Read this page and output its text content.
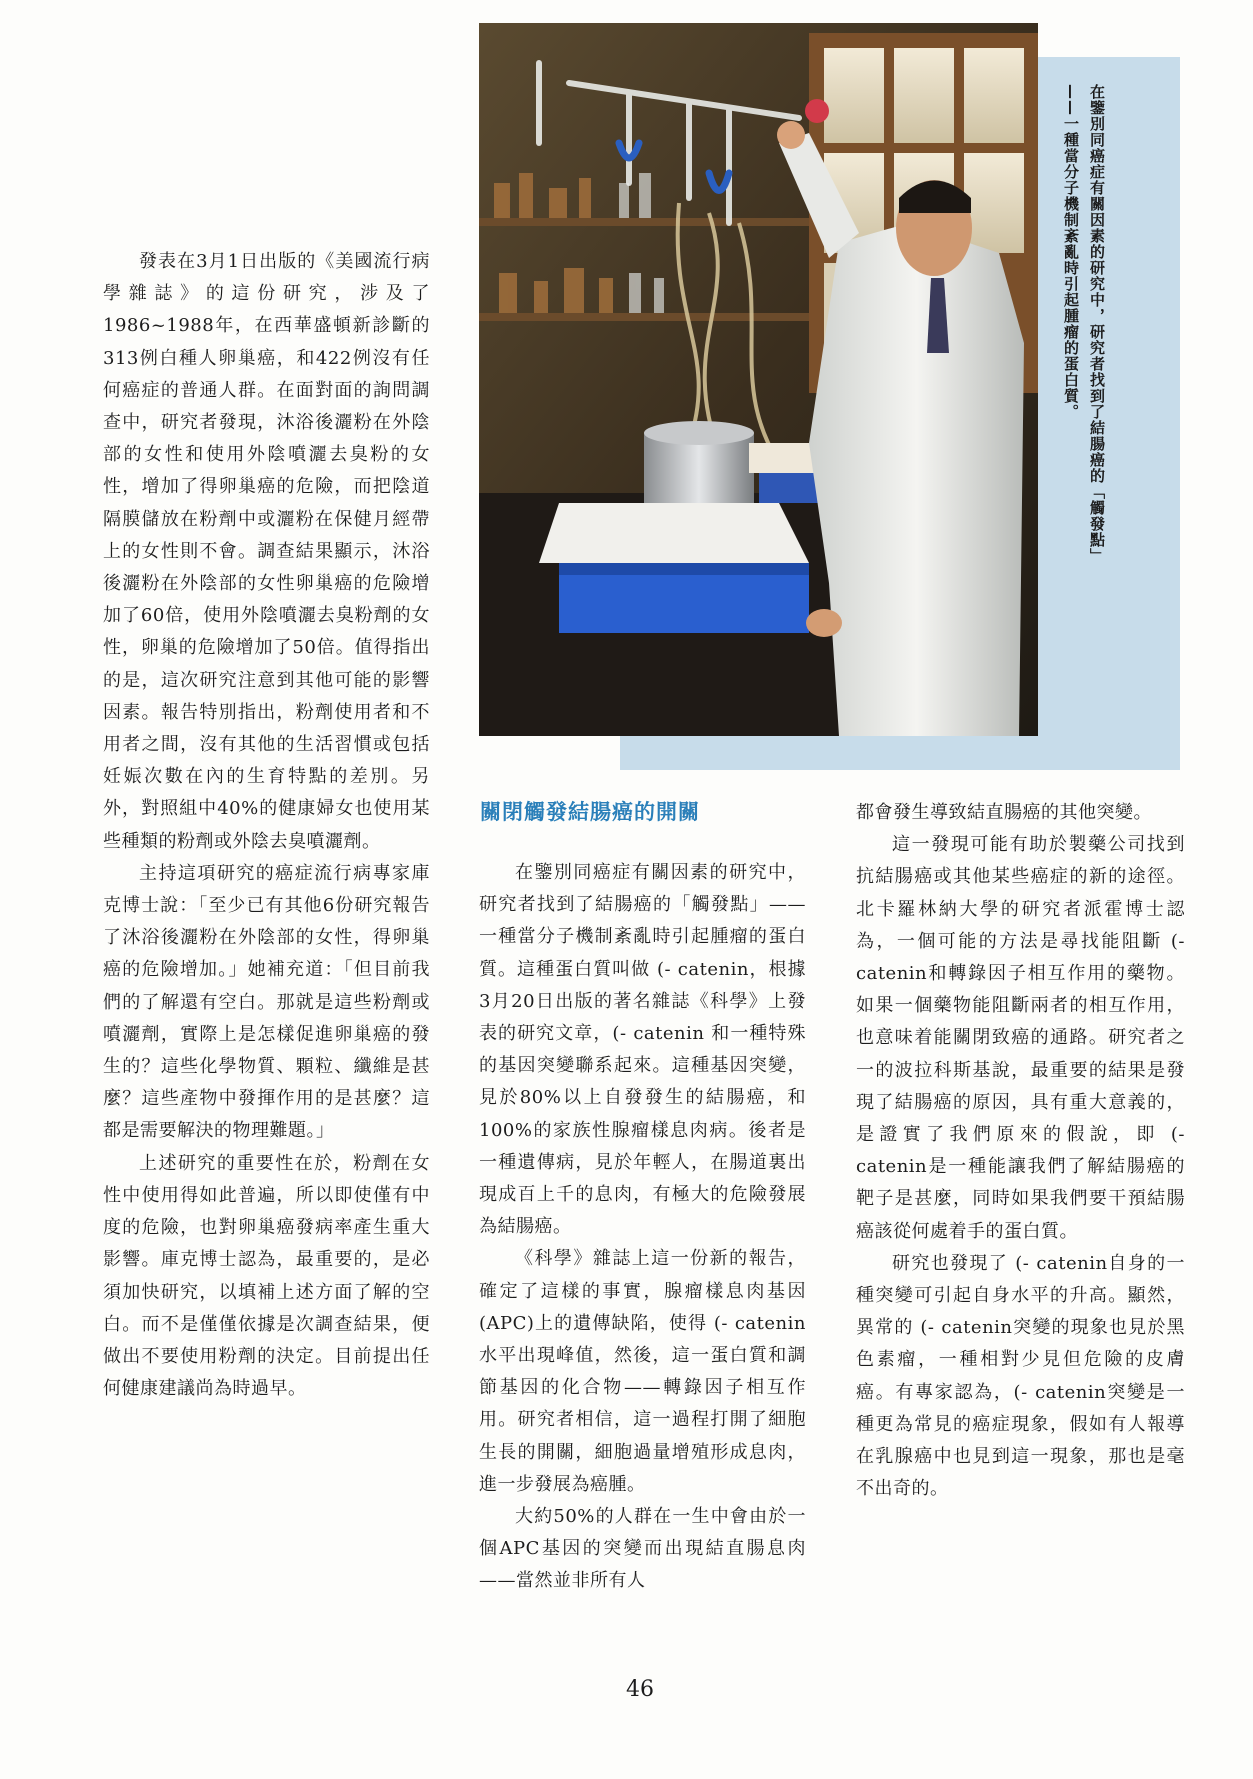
發表在3月1日出版的《美國流行病學雜誌》的這份研究，涉及了1986~1988年，在西華盛頓新診斷的313例白種人卵巢癌，和422例沒有任何癌症的普通人群。在面對面的詢問調查中，研究者發現，沐浴後灑粉在外陰部的女性和使用外陰噴灑去臭粉的女性，增加了得卵巢癌的危險，而把陰道隔膜儲放在粉劑中或灑粉在保健月經帶上的女性則不會。調查結果顯示，沐浴後灑粉在外陰部的女性卵巢癌的危險增加了60倍，使用外陰噴灑去臭粉劑的女性，卵巢的危險增加了50倍。值得指出的是，這次研究注意到其他可能的影響因素。報告特別指出，粉劑使用者和不用者之間，沒有其他的生活習慣或包括妊娠次數在內的生育特點的差別。另外，對照組中40%的健康婦女也使用某些種類的粉劑或外陰去臭噴灑劑。

主持這項研究的癌症流行病專家庫克博士說：「至少已有其他6份研究報告了沐浴後灑粉在外陰部的女性，得卵巢癌的危險增加。」她補充道：「但目前我們的了解還有空白。那就是這些粉劑或噴灑劑，實際上是怎樣促進卵巢癌的發生的？這些化學物質、顆粒、纖維是甚麼？這些產物中發揮作用的是甚麼？這都是需要解決的物理難題。」

上述研究的重要性在於，粉劑在女性中使用得如此普遍，所以即使僅有中度的危險，也對卵巢癌發病率產生重大影響。庫克博士認為，最重要的，是必須加快研究，以填補上述方面了解的空白。而不是僅僅依據是次調查結果，便做出不要使用粉劑的決定。目前提出任何健康建議尚為時過早。

在鑒別同癌症有關因素的研究中，研究者找到了結腸癌的「觸發點」
——一種當分子機制紊亂時引起腫瘤的蛋白質。
關閉觸發結腸癌的開關

在鑒別同癌症有關因素的研究中，研究者找到了結腸癌的「觸發點」——一種當分子機制紊亂時引起腫瘤的蛋白質。這種蛋白質叫做 (- catenin，根據3月20日出版的著名雜誌《科學》上發表的研究文章，(- catenin 和一種特殊的基因突變聯系起來。這種基因突變，見於80%以上自發發生的結腸癌，和100%的家族性腺瘤樣息肉病。後者是一種遺傳病，見於年輕人，在腸道裏出現成百上千的息肉，有極大的危險發展為結腸癌。

《科學》雜誌上這一份新的報告，確定了這樣的事實，腺瘤樣息肉基因(APC)上的遺傳缺陷，使得 (- catenin水平出現峰值，然後，這一蛋白質和調節基因的化合物——轉錄因子相互作用。研究者相信，這一過程打開了細胞生長的開關，細胞過量增殖形成息肉，進一步發展為癌腫。

大約50%的人群在一生中會由於一個APC基因的突變而出現結直腸息肉——當然並非所有人

都會發生導致結直腸癌的其他突變。

這一發現可能有助於製藥公司找到抗結腸癌或其他某些癌症的新的途徑。北卡羅林納大學的研究者派霍博士認為，一個可能的方法是尋找能阻斷 (- catenin和轉錄因子相互作用的藥物。如果一個藥物能阻斷兩者的相互作用，也意味着能關閉致癌的通路。研究者之一的波拉科斯基說，最重要的結果是發現了結腸癌的原因，具有重大意義的，是證實了我們原來的假說，即 (- catenin是一種能讓我們了解結腸癌的靶子是甚麼，同時如果我們要干預結腸癌該從何處着手的蛋白質。

研究也發現了 (- catenin自身的一種突變可引起自身水平的升高。顯然，異常的 (- catenin突變的現象也見於黑色素瘤，一種相對少見但危險的皮膚癌。有專家認為，(- catenin突變是一種更為常見的癌症現象，假如有人報導在乳腺癌中也見到這一現象，那也是毫不出奇的。

46
